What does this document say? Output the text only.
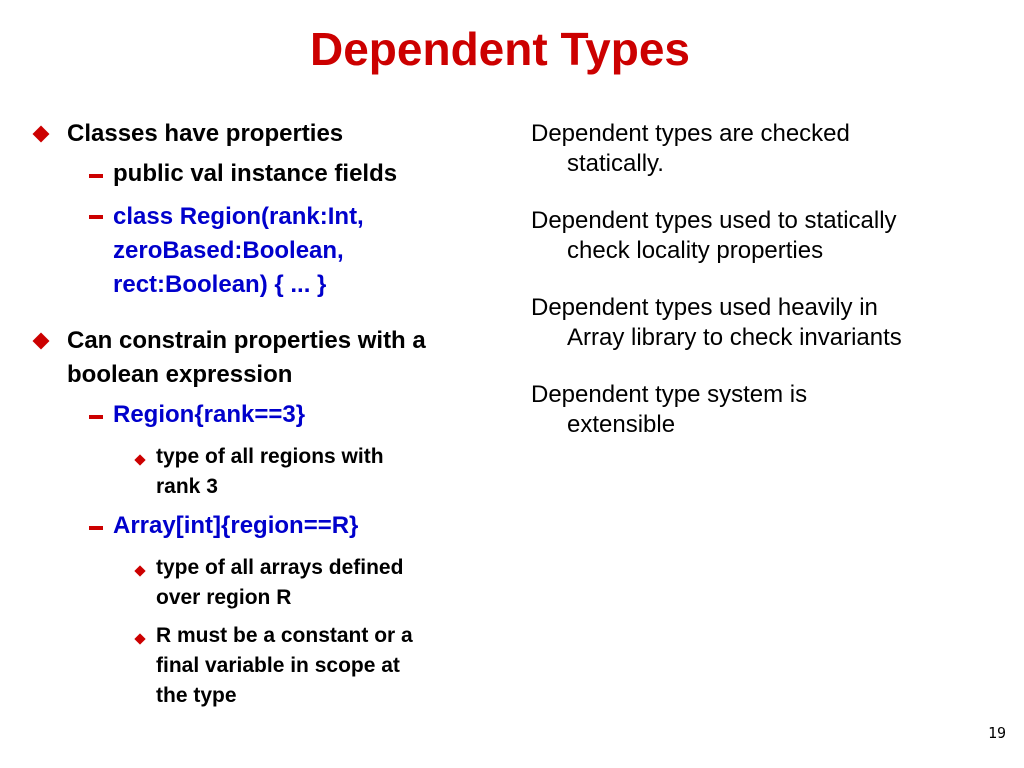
Dependent Types
Classes have properties
public val instance fields
class Region(rank:Int,
zeroBased:Boolean,
rect:Boolean) { ... }
Can constrain properties with a
boolean expression
Region{rank==3}
type of all regions with
rank 3
Array[int]{region==R}
type of all arrays defined
over region R
R must be a constant or a
final variable in scope at
the type
Dependent types are checked
statically.
Dependent types used to statically
check locality properties
Dependent types used heavily in
Array library to check invariants
Dependent type system is
extensible
19
